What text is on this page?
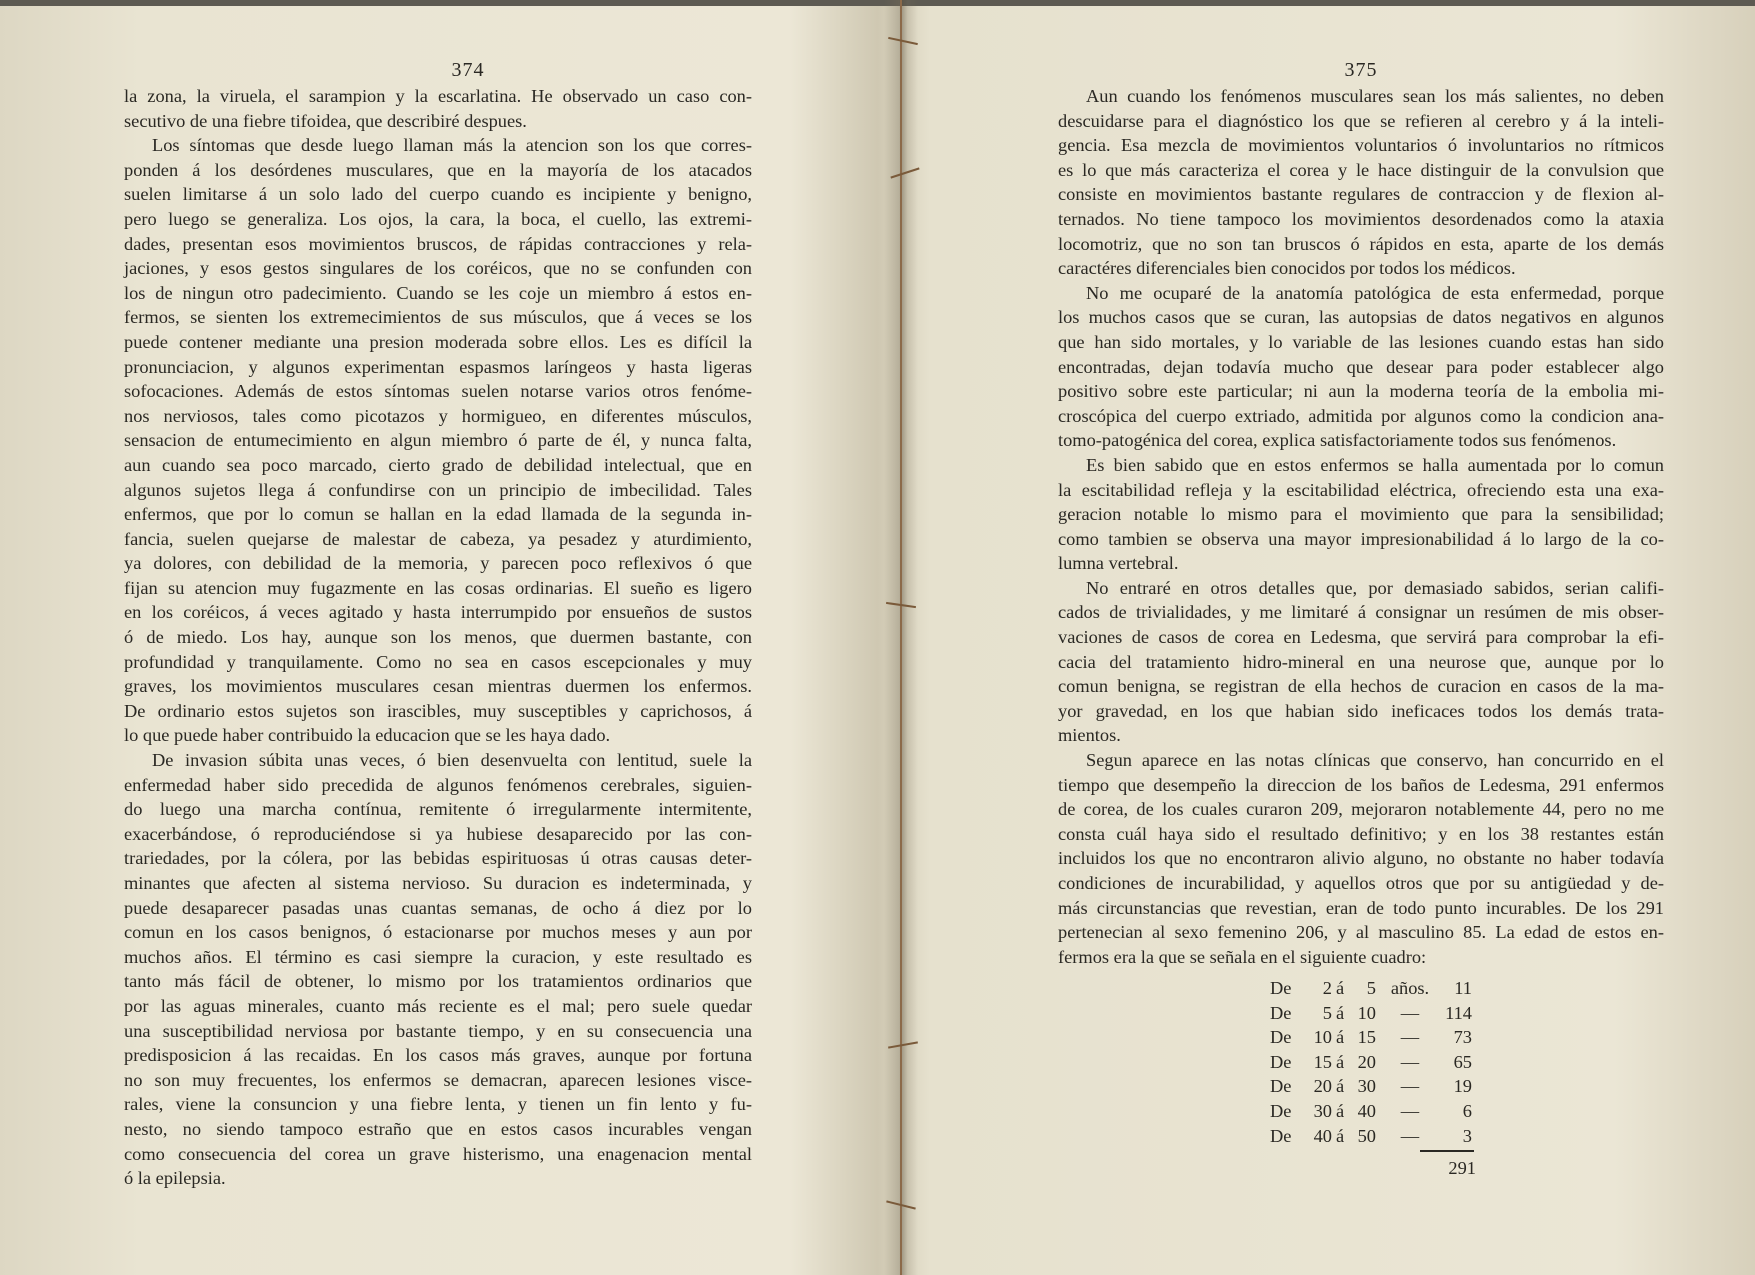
374
la zona, la viruela, el sarampion y la escarlatina. He observado un caso con-
secutivo de una fiebre tifoidea, que describiré despues.
Los síntomas que desde luego llaman más la atencion son los que corres-
ponden á los desórdenes musculares, que en la mayoría de los atacados
suelen limitarse á un solo lado del cuerpo cuando es incipiente y benigno,
pero luego se generaliza. Los ojos, la cara, la boca, el cuello, las extremi-
dades, presentan esos movimientos bruscos, de rápidas contracciones y rela-
jaciones, y esos gestos singulares de los coréicos, que no se confunden con
los de ningun otro padecimiento. Cuando se les coje un miembro á estos en-
fermos, se sienten los extremecimientos de sus músculos, que á veces se los
puede contener mediante una presion moderada sobre ellos. Les es difícil la
pronunciacion, y algunos experimentan espasmos laríngeos y hasta ligeras
sofocaciones. Además de estos síntomas suelen notarse varios otros fenóme-
nos nerviosos, tales como picotazos y hormigueo, en diferentes músculos,
sensacion de entumecimiento en algun miembro ó parte de él, y nunca falta,
aun cuando sea poco marcado, cierto grado de debilidad intelectual, que en
algunos sujetos llega á confundirse con un principio de imbecilidad. Tales
enfermos, que por lo comun se hallan en la edad llamada de la segunda in-
fancia, suelen quejarse de malestar de cabeza, ya pesadez y aturdimiento,
ya dolores, con debilidad de la memoria, y parecen poco reflexivos ó que
fijan su atencion muy fugazmente en las cosas ordinarias. El sueño es ligero
en los coréicos, á veces agitado y hasta interrumpido por ensueños de sustos
ó de miedo. Los hay, aunque son los menos, que duermen bastante, con
profundidad y tranquilamente. Como no sea en casos escepcionales y muy
graves, los movimientos musculares cesan mientras duermen los enfermos.
De ordinario estos sujetos son irascibles, muy susceptibles y caprichosos, á
lo que puede haber contribuido la educacion que se les haya dado.
De invasion súbita unas veces, ó bien desenvuelta con lentitud, suele la
enfermedad haber sido precedida de algunos fenómenos cerebrales, siguien-
do luego una marcha contínua, remitente ó irregularmente intermitente,
exacerbándose, ó reproduciéndose si ya hubiese desaparecido por las con-
trariedades, por la cólera, por las bebidas espirituosas ú otras causas deter-
minantes que afecten al sistema nervioso. Su duracion es indeterminada, y
puede desaparecer pasadas unas cuantas semanas, de ocho á diez por lo
comun en los casos benignos, ó estacionarse por muchos meses y aun por
muchos años. El término es casi siempre la curacion, y este resultado es
tanto más fácil de obtener, lo mismo por los tratamientos ordinarios que
por las aguas minerales, cuanto más reciente es el mal; pero suele quedar
una susceptibilidad nerviosa por bastante tiempo, y en su consecuencia una
predisposicion á las recaidas. En los casos más graves, aunque por fortuna
no son muy frecuentes, los enfermos se demacran, aparecen lesiones visce-
rales, viene la consuncion y una fiebre lenta, y tienen un fin lento y fu-
nesto, no siendo tampoco estraño que en estos casos incurables vengan
como consecuencia del corea un grave histerismo, una enagenacion mental
ó la epilepsia.
375
Aun cuando los fenómenos musculares sean los más salientes, no deben
descuidarse para el diagnóstico los que se refieren al cerebro y á la inteli-
gencia. Esa mezcla de movimientos voluntarios ó involuntarios no rítmicos
es lo que más caracteriza el corea y le hace distinguir de la convulsion que
consiste en movimientos bastante regulares de contraccion y de flexion al-
ternados. No tiene tampoco los movimientos desordenados como la ataxia
locomotriz, que no son tan bruscos ó rápidos en esta, aparte de los demás
caractéres diferenciales bien conocidos por todos los médicos.
No me ocuparé de la anatomía patológica de esta enfermedad, porque
los muchos casos que se curan, las autopsias de datos negativos en algunos
que han sido mortales, y lo variable de las lesiones cuando estas han sido
encontradas, dejan todavía mucho que desear para poder establecer algo
positivo sobre este particular; ni aun la moderna teoría de la embolia mi-
croscópica del cuerpo extriado, admitida por algunos como la condicion ana-
tomo-patogénica del corea, explica satisfactoriamente todos sus fenómenos.
Es bien sabido que en estos enfermos se halla aumentada por lo comun
la escitabilidad refleja y la escitabilidad eléctrica, ofreciendo esta una exa-
geracion notable lo mismo para el movimiento que para la sensibilidad;
como tambien se observa una mayor impresionabilidad á lo largo de la co-
lumna vertebral.
No entraré en otros detalles que, por demasiado sabidos, serian califi-
cados de trivialidades, y me limitaré á consignar un resúmen de mis obser-
vaciones de casos de corea en Ledesma, que servirá para comprobar la efi-
cacia del tratamiento hidro-mineral en una neurose que, aunque por lo
comun benigna, se registran de ella hechos de curacion en casos de la ma-
yor gravedad, en los que habian sido ineficaces todos los demás trata-
mientos.
Segun aparece en las notas clínicas que conservo, han concurrido en el
tiempo que desempeño la direccion de los baños de Ledesma, 291 enfermos
de corea, de los cuales curaron 209, mejoraron notablemente 44, pero no me
consta cuál haya sido el resultado definitivo; y en los 38 restantes están
incluidos los que no encontraron alivio alguno, no obstante no haber todavía
condiciones de incurabilidad, y aquellos otros que por su antigüedad y de-
más circunstancias que revestian, eran de todo punto incurables. De los 291
pertenecian al sexo femenino 206, y al masculino 85. La edad de estos en-
fermos era la que se señala en el siguiente cuadro:
De	2 á	5 años.	11
De	5 á 10	—	114
De 10 á 15	—	73
De 15 á 20	—	65
De 20 á 30	—	19
De 30 á 40	—	6
De 40 á 50	—	3
291
